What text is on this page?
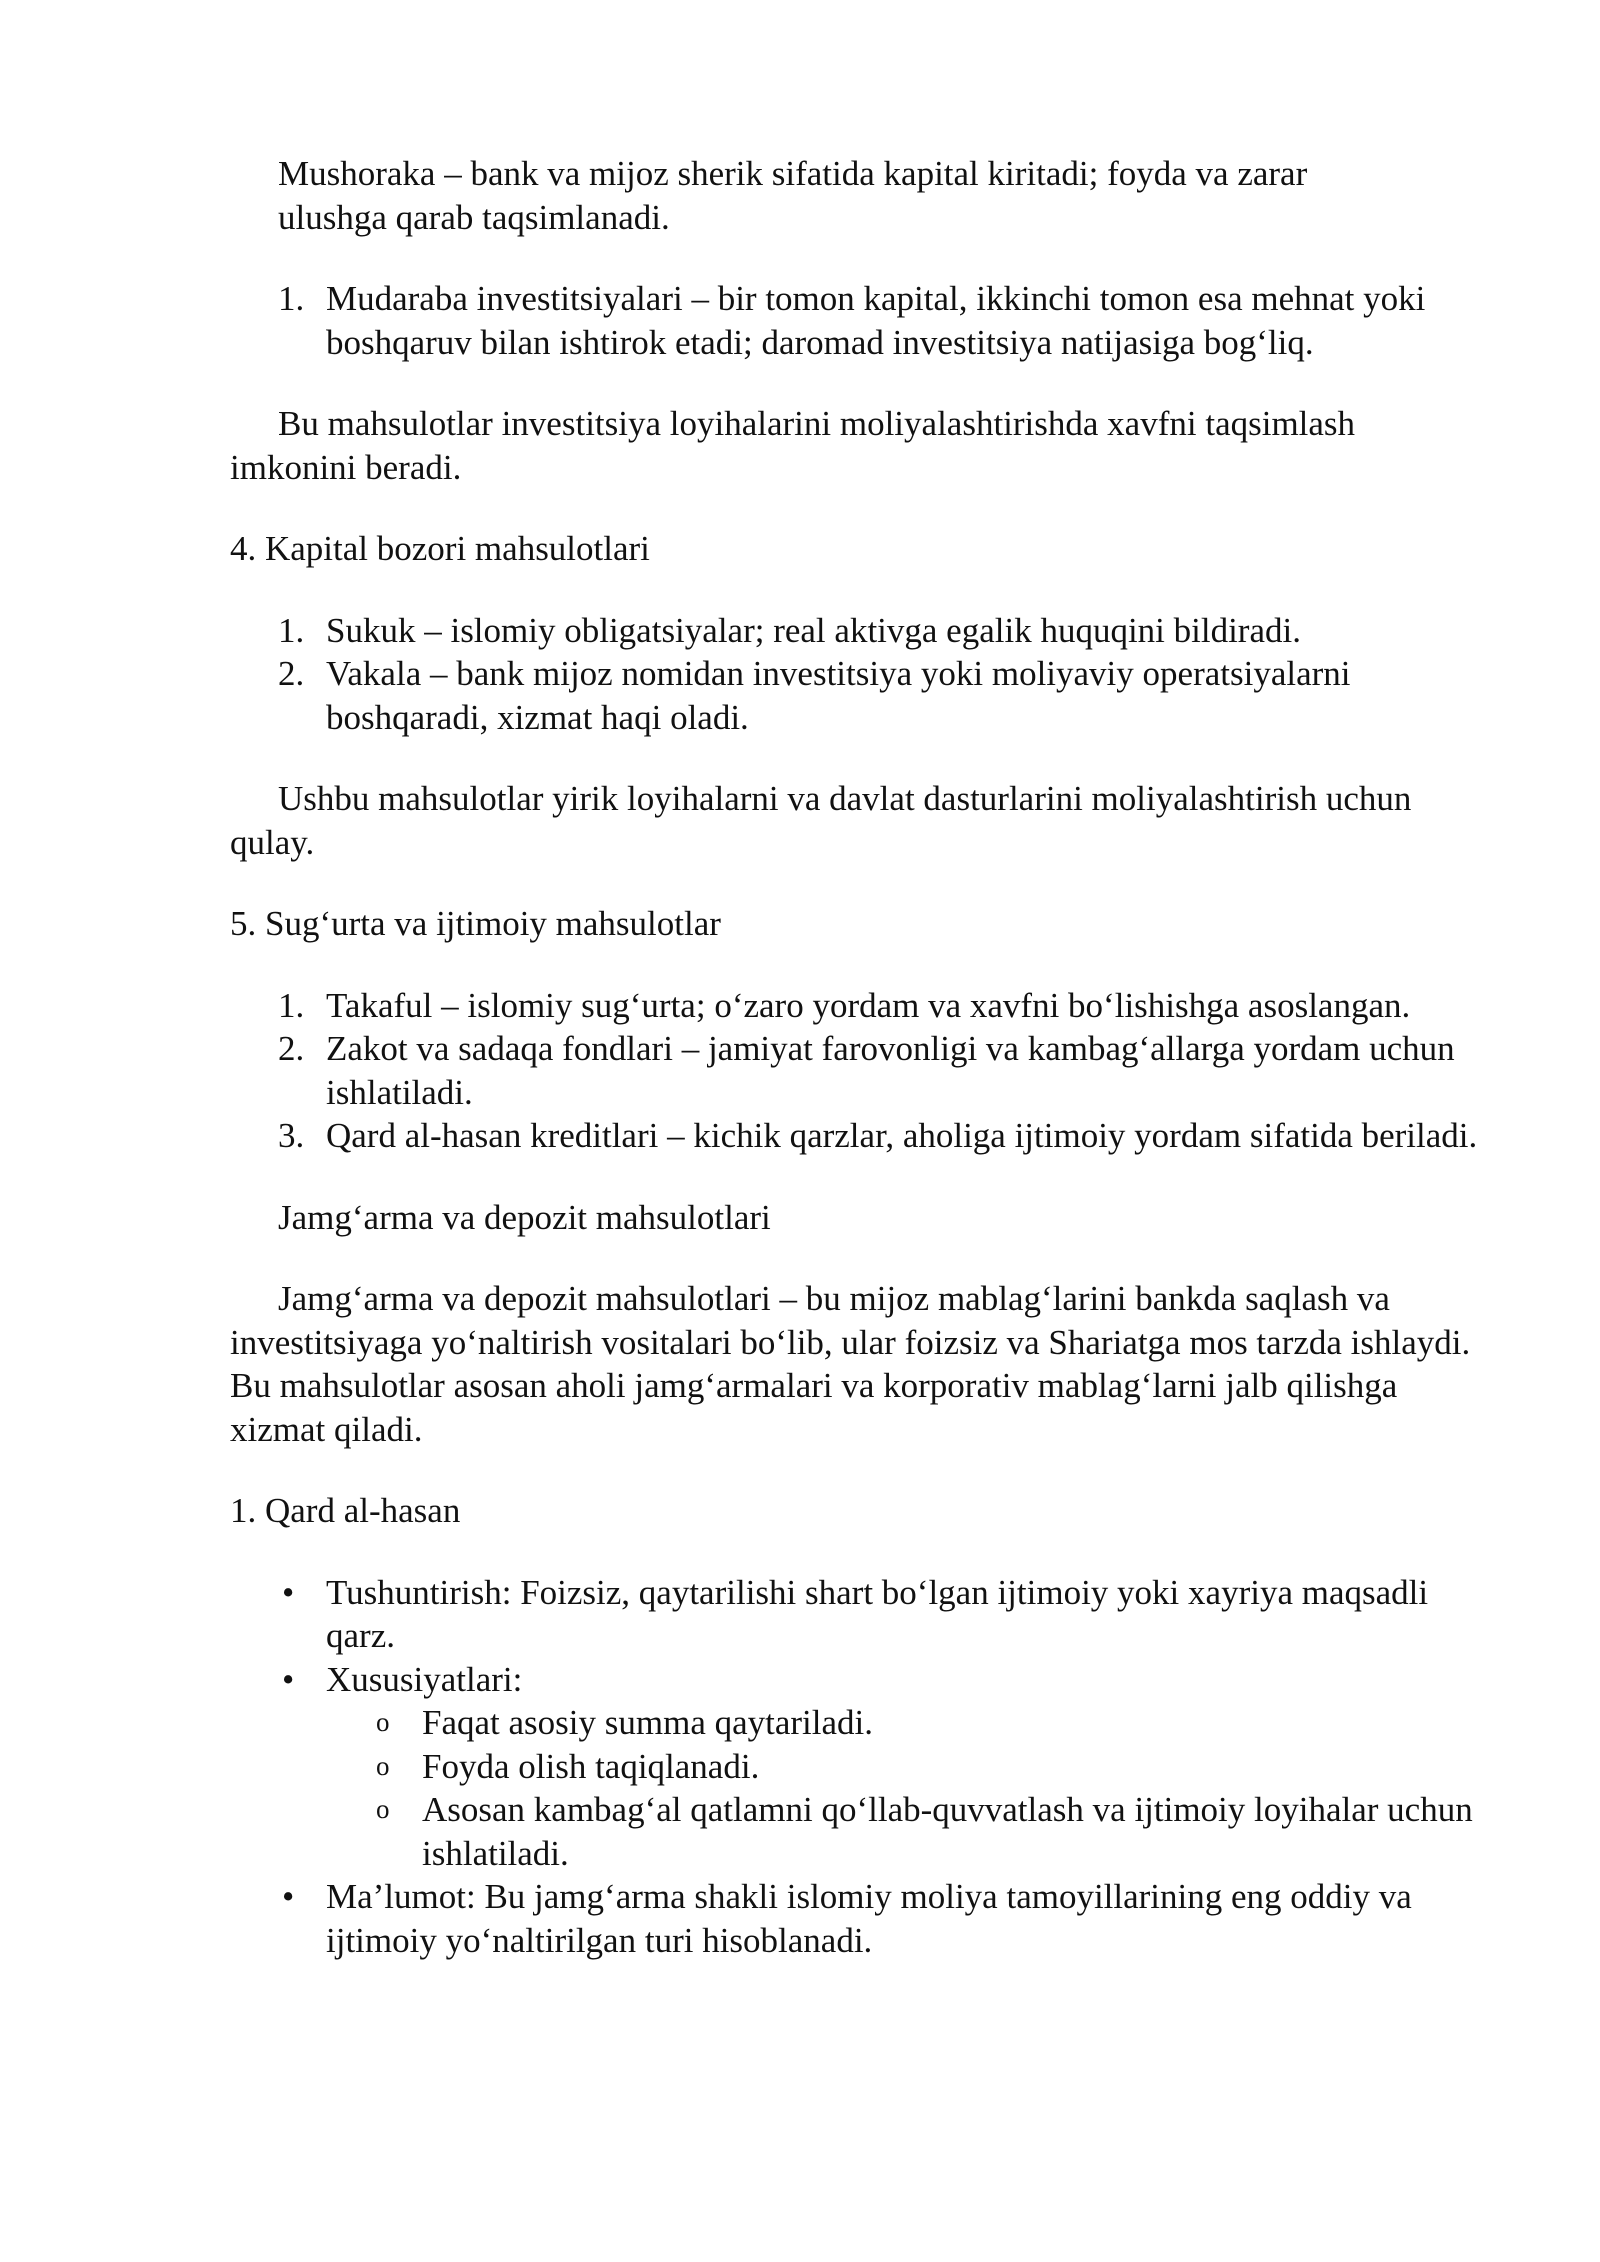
Mushoraka – bank va mijoz sherik sifatida kapital kiritadi; foyda va zarar

ulushga qarab taqsimlanadi.

1. Mudaraba investitsiyalari – bir tomon kapital, ikkinchi tomon esa mehnat yoki boshqaruv bilan ishtirok etadi; daromad investitsiya natijasiga bog‘liq.

Bu mahsulotlar investitsiya loyihalarini moliyalashtirishda xavfni taqsimlash imkonini beradi.

4. Kapital bozori mahsulotlari

1. Sukuk – islomiy obligatsiyalar; real aktivga egalik huquqini bildiradi.
2. Vakala – bank mijoz nomidan investitsiya yoki moliyaviy operatsiyalarni boshqaradi, xizmat haqi oladi.

Ushbu mahsulotlar yirik loyihalarni va davlat dasturlarini moliyalashtirish uchun qulay.

5. Sug‘urta va ijtimoiy mahsulotlar

1. Takaful – islomiy sug‘urta; o‘zaro yordam va xavfni bo‘lishishga asoslangan.
2. Zakot va sadaqa fondlari – jamiyat farovonligi va kambag‘allarga yordam uchun ishlatiladi.
3. Qard al-hasan kreditlari – kichik qarzlar, aholiga ijtimoiy yordam sifatida beriladi.

Jamg‘arma va depozit mahsulotlari

Jamg‘arma va depozit mahsulotlari – bu mijoz mablag‘larini bankda saqlash va investitsiyaga yo‘naltirish vositalari bo‘lib, ular foizsiz va Shariatga mos tarzda ishlaydi. Bu mahsulotlar asosan aholi jamg‘armalari va korporativ mablag‘larni jalb qilishga xizmat qiladi.

1. Qard al-hasan

• Tushuntirish: Foizsiz, qaytarilishi shart bo‘lgan ijtimoiy yoki xayriya maqsadli qarz.
• Xususiyatlari:
o Faqat asosiy summa qaytariladi.
o Foyda olish taqiqlanadi.
o Asosan kambag‘al qatlamni qo‘llab-quvvatlash va ijtimoiy loyihalar uchun ishlatiladi.
• Ma’lumot: Bu jamg‘arma shakli islomiy moliya tamoyillarining eng oddiy va ijtimoiy yo‘naltirilgan turi hisoblanadi.
